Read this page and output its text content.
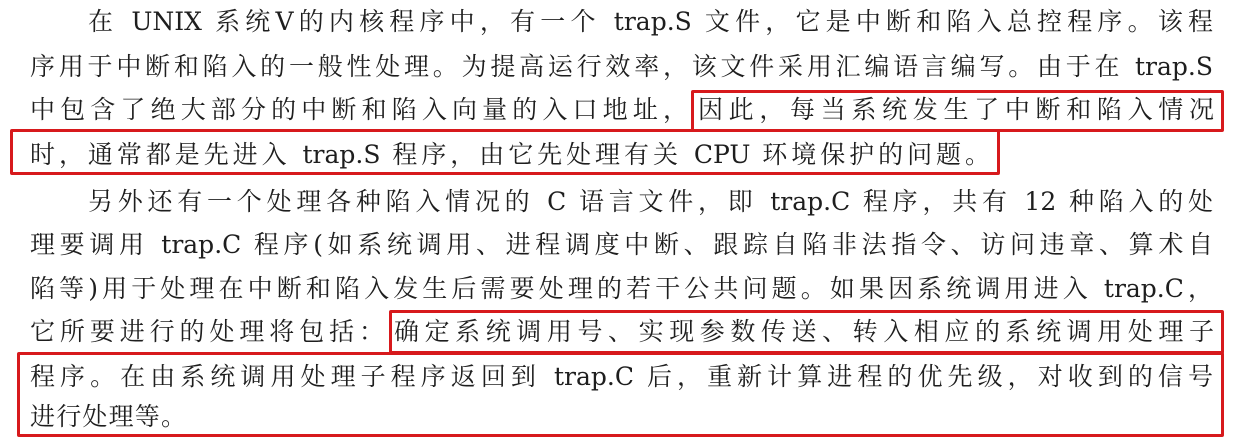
在 UNIX 系统Ⅴ的内核程序中，有一个 trap.S 文件，它是中断和陷入总控程序。该程
序用于中断和陷入的一般性处理。为提高运行效率，该文件采用汇编语言编写。由于在 trap.S
中包含了绝大部分的中断和陷入向量的入口地址， 因此，每当系统发生了中断和陷入情况
时，通常都是先进入 trap.S 程序，由它先处理有关 CPU 环境保护的问题。
另外还有一个处理各种陷入情况的 C 语言文件，即 trap.C 程序，共有 12 种陷入的处
理要调用 trap.C 程序(如系统调用、进程调度中断、跟踪自陷非法指令、访问违章、算术自
陷等)用于处理在中断和陷入发生后需要处理的若干公共问题。如果因系统调用进入 trap.C，
它所要进行的处理将包括： 确定系统调用号、实现参数传送、转入相应的系统调用处理子
程序。在由系统调用处理子程序返回到 trap.C 后，重新计算进程的优先级，对收到的信号
进行处理等。
